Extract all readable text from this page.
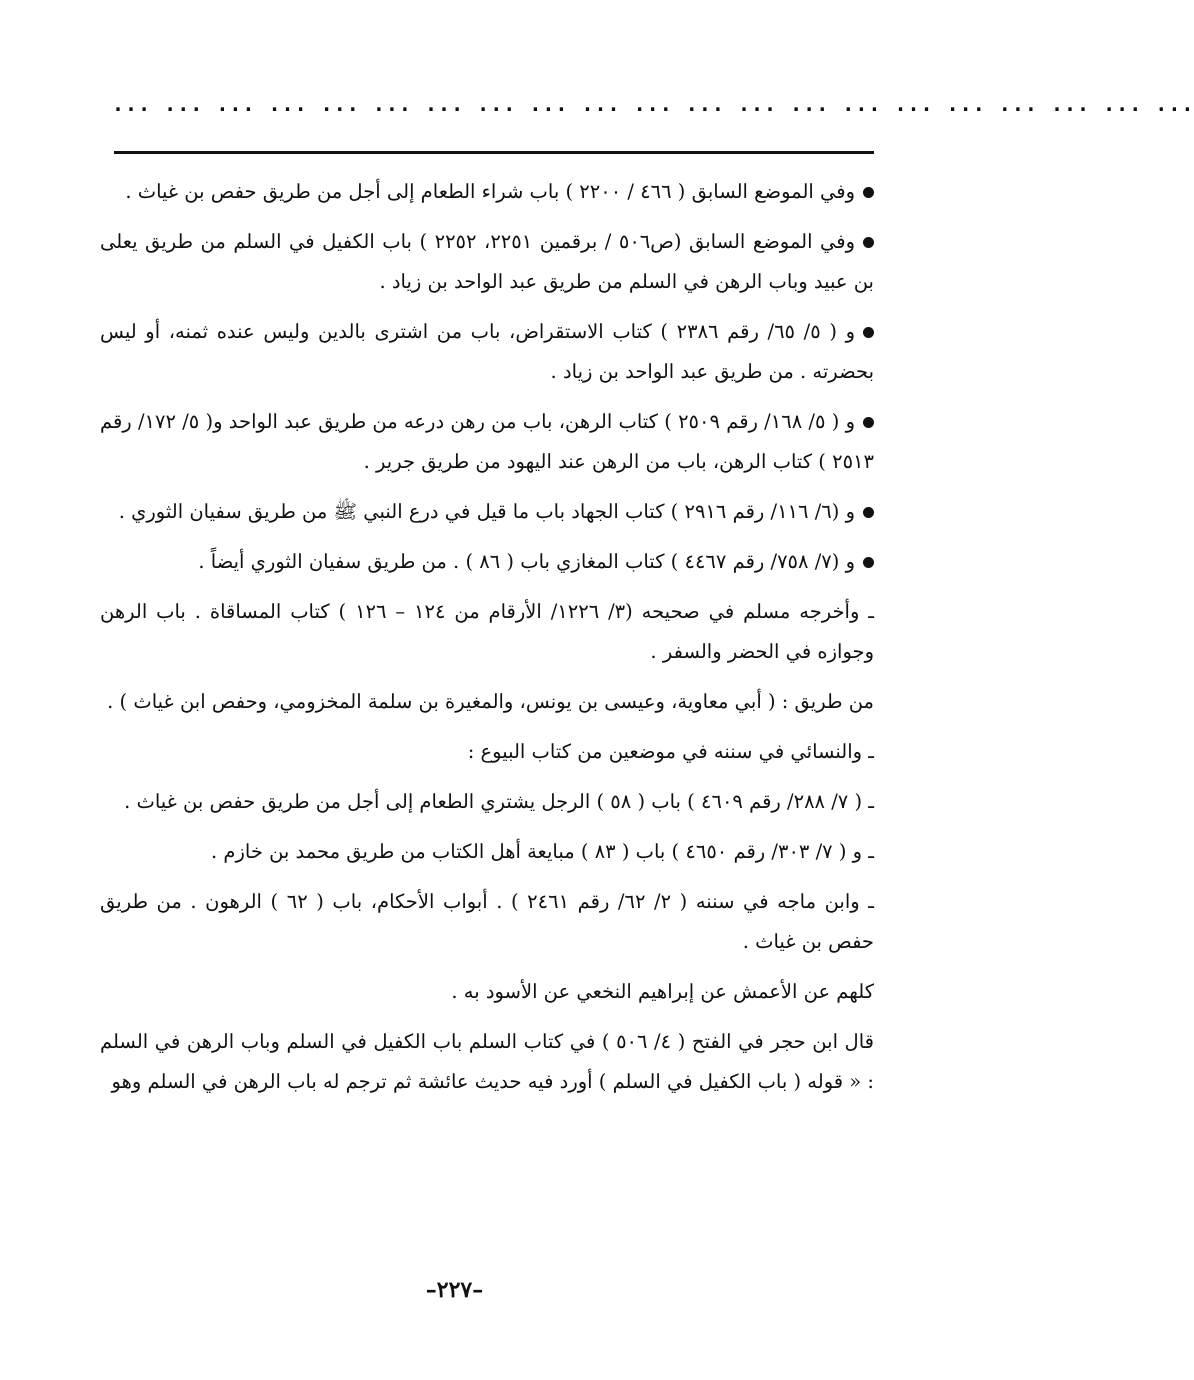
... ... ... ... ... ... ... ... ... ... ... ... ... ... ... ... ... ... ... ... ...

وفي الموضع السابق ( ٤٦٦ / ٢٢٠٠ ) باب شراء الطعام إلى أجل من طريق حفص بن غياث .

وفي الموضع السابق (ص٥٠٦ / برقمين ٢٢٥١، ٢٢٥٢ ) باب الكفيل في السلم من طريق يعلى بن عبيد وباب الرهن في السلم من طريق عبد الواحد بن زياد .

و ( ٥/ ٦٥/ رقم ٢٣٨٦ ) كتاب الاستقراض، باب من اشترى بالدين وليس عنده ثمنه، أو ليس بحضرته . من طريق عبد الواحد بن زياد .

و ( ٥/ ١٦٨/ رقم ٢٥٠٩ ) كتاب الرهن، باب من رهن درعه من طريق عبد الواحد و( ٥/ ١٧٢/ رقم ٢٥١٣ ) كتاب الرهن، باب من الرهن عند اليهود من طريق جرير .

و (٦/ ١١٦/ رقم ٢٩١٦ ) كتاب الجهاد باب ما قيل في درع النبي ﷺ من طريق سفيان الثوري .

و (٧/ ٧٥٨/ رقم ٤٤٦٧ ) كتاب المغازي باب ( ٨٦ ) . من طريق سفيان الثوري أيضاً .

ـ وأخرجه مسلم في صحيحه (٣/ ١٢٢٦/ الأرقام من ١٢٤ – ١٢٦ ) كتاب المساقاة . باب الرهن وجوازه في الحضر والسفر .

من طريق : ( أبي معاوية، وعيسى بن يونس، والمغيرة بن سلمة المخزومي، وحفص ابن غياث ) .

ـ والنسائي في سننه في موضعين من كتاب البيوع :

ـ ( ٧/ ٢٨٨/ رقم ٤٦٠٩ ) باب ( ٥٨ ) الرجل يشتري الطعام إلى أجل من طريق حفص بن غياث .

ـ و ( ٧/ ٣٠٣/ رقم ٤٦٥٠ ) باب ( ٨٣ ) مبايعة أهل الكتاب من طريق محمد بن خازم .

ـ وابن ماجه في سننه ( ٢/ ٦٢/ رقم ٢٤٦١ ) . أبواب الأحكام، باب ( ٦٢ ) الرهون . من طريق حفص بن غياث .

كلهم عن الأعمش عن إبراهيم النخعي عن الأسود به .

قال ابن حجر في الفتح ( ٤/ ٥٠٦ ) في كتاب السلم باب الكفيل في السلم وباب الرهن في السلم : « قوله ( باب الكفيل في السلم ) أورد فيه حديث عائشة ثم ترجم له باب الرهن في السلم وهو

–٢٢٧–
